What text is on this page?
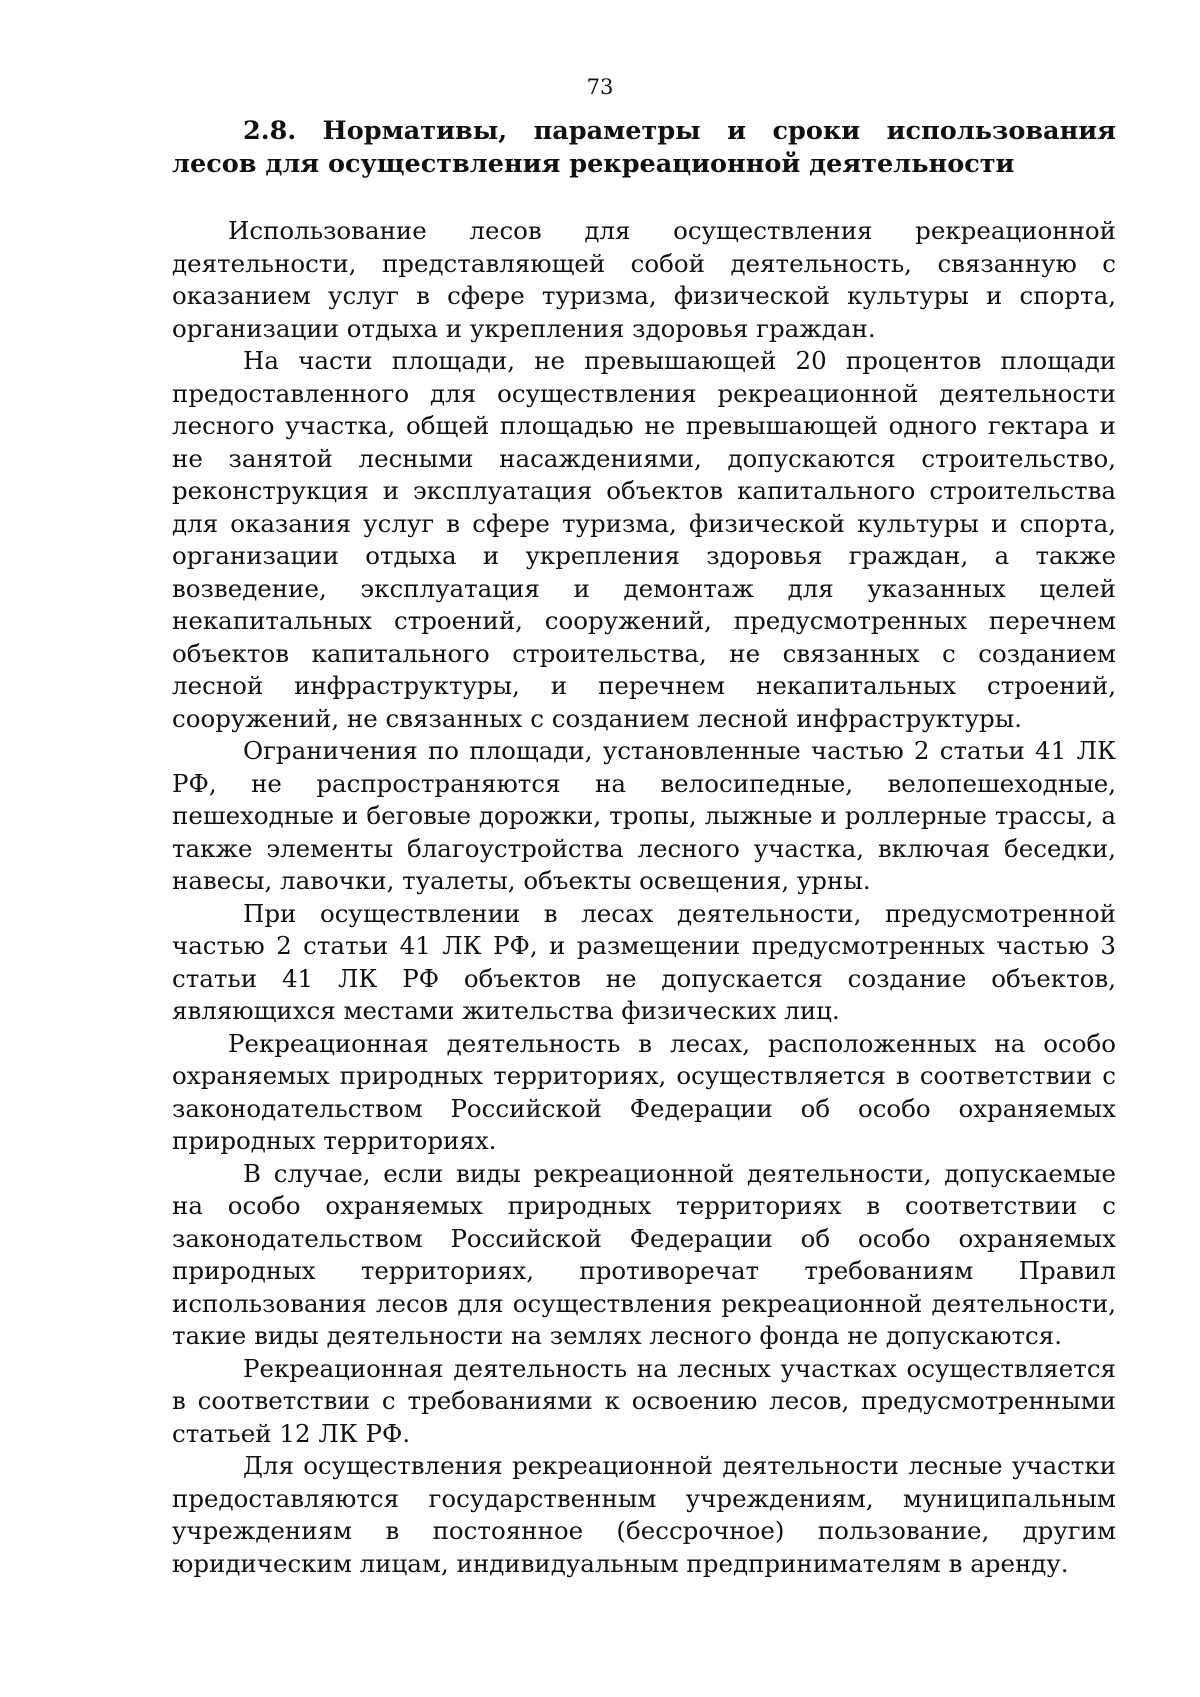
73
2.8. Нормативы, параметры и сроки использования лесов для осуществления рекреационной деятельности

Использование лесов для осуществления рекреационной деятельности, представляющей собой деятельность, связанную с оказанием услуг в сфере туризма, физической культуры и спорта, организации отдыха и укрепления здоровья граждан.

На части площади, не превышающей 20 процентов площади предоставленного для осуществления рекреационной деятельности лесного участка, общей площадью не превышающей одного гектара и не занятой лесными насаждениями, допускаются строительство, реконструкция и эксплуатация объектов капитального строительства для оказания услуг в сфере туризма, физической культуры и спорта, организации отдыха и укрепления здоровья граждан, а также возведение, эксплуатация и демонтаж для указанных целей некапитальных строений, сооружений, предусмотренных перечнем объектов капитального строительства, не связанных с созданием лесной инфраструктуры, и перечнем некапитальных строений, сооружений, не связанных с созданием лесной инфраструктуры.

Ограничения по площади, установленные частью 2 статьи 41 ЛК РФ, не распространяются на велосипедные, велопешеходные, пешеходные и беговые дорожки, тропы, лыжные и роллерные трассы, а также элементы благоустройства лесного участка, включая беседки, навесы, лавочки, туалеты, объекты освещения, урны.

При осуществлении в лесах деятельности, предусмотренной частью 2 статьи 41 ЛК РФ, и размещении предусмотренных частью 3 статьи 41 ЛК РФ объектов не допускается создание объектов, являющихся местами жительства физических лиц.

Рекреационная деятельность в лесах, расположенных на особо охраняемых природных территориях, осуществляется в соответствии с законодательством Российской Федерации об особо охраняемых природных территориях.

В случае, если виды рекреационной деятельности, допускаемые на особо охраняемых природных территориях в соответствии с законодательством Российской Федерации об особо охраняемых природных территориях, противоречат требованиям Правил использования лесов для осуществления рекреационной деятельности, такие виды деятельности на землях лесного фонда не допускаются.

Рекреационная деятельность на лесных участках осуществляется в соответствии с требованиями к освоению лесов, предусмотренными статьей 12 ЛК РФ.

Для осуществления рекреационной деятельности лесные участки предоставляются государственным учреждениям, муниципальным учреждениям в постоянное (бессрочное) пользование, другим юридическим лицам, индивидуальным предпринимателям в аренду.
